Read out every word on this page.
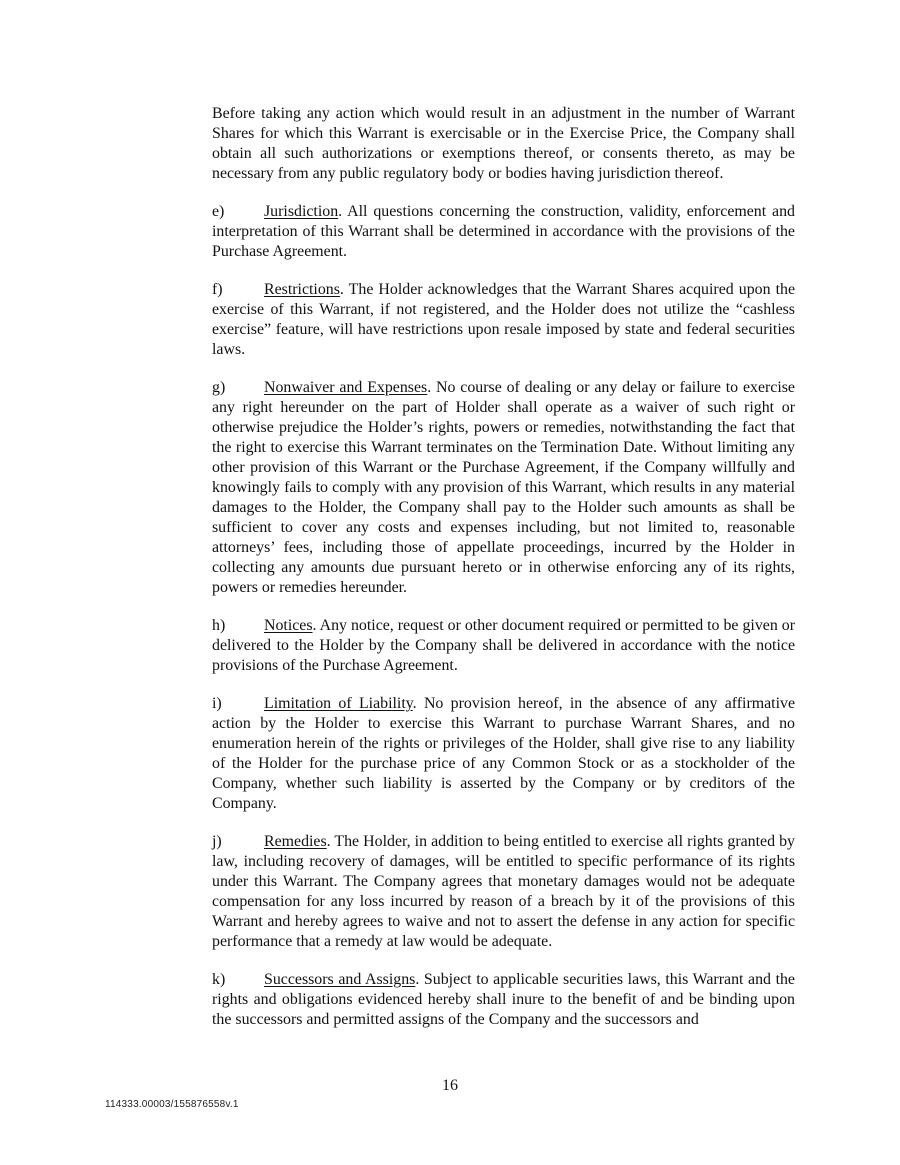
Before taking any action which would result in an adjustment in the number of Warrant Shares for which this Warrant is exercisable or in the Exercise Price, the Company shall obtain all such authorizations or exemptions thereof, or consents thereto, as may be necessary from any public regulatory body or bodies having jurisdiction thereof.

e) Jurisdiction. All questions concerning the construction, validity, enforcement and interpretation of this Warrant shall be determined in accordance with the provisions of the Purchase Agreement.

f)	Restrictions. The Holder acknowledges that the Warrant Shares acquired upon the exercise of this Warrant, if not registered, and the Holder does not utilize the “cashless exercise” feature, will have restrictions upon resale imposed by state and federal securities laws.

g) Nonwaiver and Expenses. No course of dealing or any delay or failure to exercise any right hereunder on the part of Holder shall operate as a waiver of such right or otherwise prejudice the Holder’s rights, powers or remedies, notwithstanding the fact that the right to exercise this Warrant terminates on the Termination Date. Without limiting any other provision of this Warrant or the Purchase Agreement, if the Company willfully and knowingly fails to comply with any provision of this Warrant, which results in any material damages to the Holder, the Company shall pay to the Holder such amounts as shall be sufficient to cover any costs and expenses including, but not limited to, reasonable attorneys’ fees, including those of appellate proceedings, incurred by the Holder in collecting any amounts due pursuant hereto or in otherwise enforcing any of its rights, powers or remedies hereunder.

h) Notices. Any notice, request or other document required or permitted to be given or delivered to the Holder by the Company shall be delivered in accordance with the notice provisions of the Purchase Agreement.

i)	Limitation of Liability. No provision hereof, in the absence of any affirmative action by the Holder to exercise this Warrant to purchase Warrant Shares, and no enumeration herein of the rights or privileges of the Holder, shall give rise to any liability of the Holder for the purchase price of any Common Stock or as a stockholder of the Company, whether such liability is asserted by the Company or by creditors of the Company.

j)	Remedies. The Holder, in addition to being entitled to exercise all rights granted by law, including recovery of damages, will be entitled to specific performance of its rights under this Warrant. The Company agrees that monetary damages would not be adequate compensation for any loss incurred by reason of a breach by it of the provisions of this Warrant and hereby agrees to waive and not to assert the defense in any action for specific performance that a remedy at law would be adequate.

k) Successors and Assigns. Subject to applicable securities laws, this Warrant and the rights and obligations evidenced hereby shall inure to the benefit of and be binding upon the successors and permitted assigns of the Company and the successors and

16
114333.00003/155876558v.1
